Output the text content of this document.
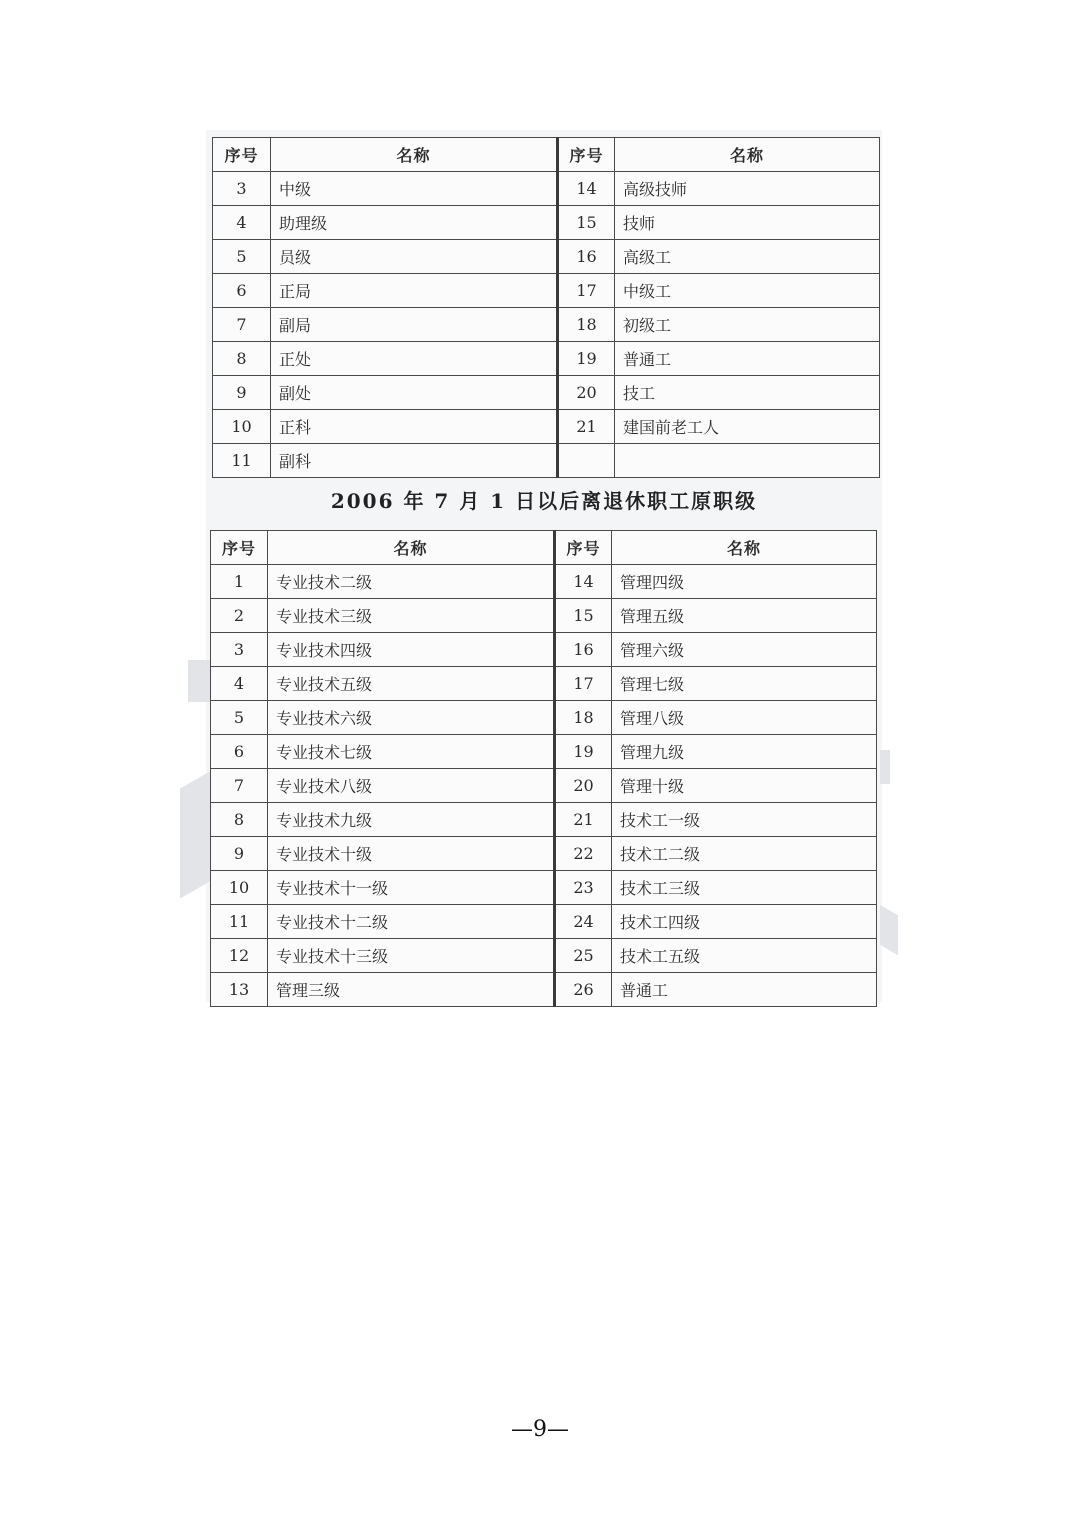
序号	名称	序号	名称
3	中级	14	高级技师
4	助理级	15	技师
5	员级	16	高级工
6	正局	17	中级工
7	副局	18	初级工
8	正处	19	普通工
9	副处	20	技工
10	正科	21	建国前老工人
11	副科		
2006 年 7 月 1 日以后离退休职工原职级
序号	名称	序号	名称
1	专业技术二级	14	管理四级
2	专业技术三级	15	管理五级
3	专业技术四级	16	管理六级
4	专业技术五级	17	管理七级
5	专业技术六级	18	管理八级
6	专业技术七级	19	管理九级
7	专业技术八级	20	管理十级
8	专业技术九级	21	技术工一级
9	专业技术十级	22	技术工二级
10	专业技术十一级	23	技术工三级
11	专业技术十二级	24	技术工四级
12	专业技术十三级	25	技术工五级
13	管理三级	26	普通工
—9—
